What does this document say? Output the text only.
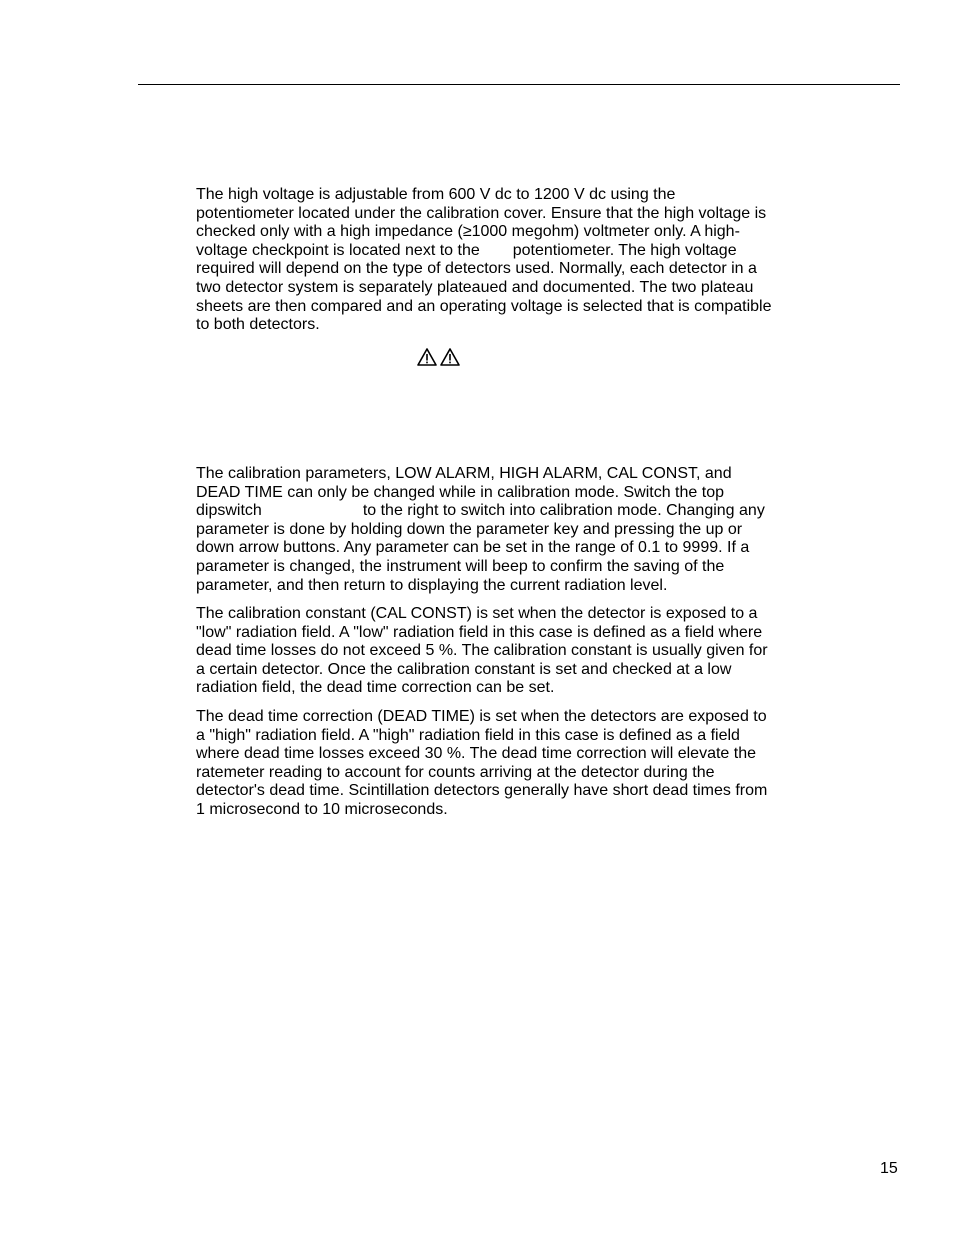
The high voltage is adjustable from 600 V dc to 1200 V dc using the
potentiometer located under the calibration cover. Ensure that the high voltage is
checked only with a high impedance (≥1000 megohm) voltmeter only. A high-
voltage checkpoint is located next to the potentiometer. The high voltage
required will depend on the type of detectors used. Normally, each detector in a
two detector system is separately plateaued and documented. The two plateau
sheets are then compared and an operating voltage is selected that is compatible
to both detectors.
The calibration parameters, LOW ALARM, HIGH ALARM, CAL CONST, and
DEAD TIME can only be changed while in calibration mode. Switch the top
dipswitch	to the right to switch into calibration mode. Changing any
parameter is done by holding down the parameter key and pressing the up or
down arrow buttons. Any parameter can be set in the range of 0.1 to 9999. If a
parameter is changed, the instrument will beep to confirm the saving of the
parameter, and then return to displaying the current radiation level.
The calibration constant (CAL CONST) is set when the detector is exposed to a
"low" radiation field. A "low" radiation field in this case is defined as a field where
dead time losses do not exceed 5 %. The calibration constant is usually given for
a certain detector. Once the calibration constant is set and checked at a low
radiation field, the dead time correction can be set.
The dead time correction (DEAD TIME) is set when the detectors are exposed to
a "high" radiation field. A "high" radiation field in this case is defined as a field
where dead time losses exceed 30 %. The dead time correction will elevate the
ratemeter reading to account for counts arriving at the detector during the
detector's dead time. Scintillation detectors generally have short dead times from
1 microsecond to 10 microseconds.
15
